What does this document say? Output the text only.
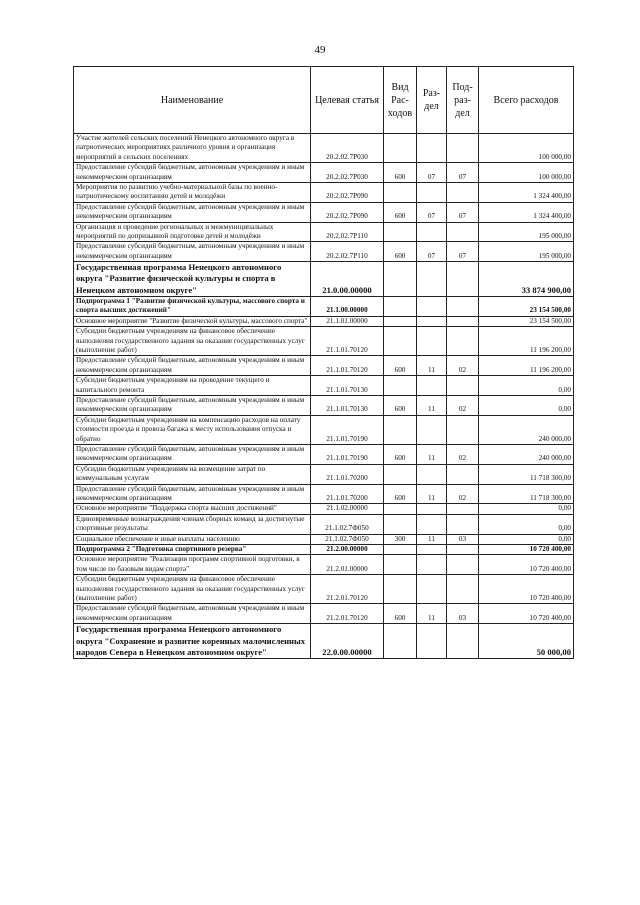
49
Наименование	Целевая статья	Вид Рас- ходов	Раз- дел	Под- раз- дел	Всего расходов
Участие жителей сельских поселений Ненецкого автономного округа в патриотических мероприятиях различного уровня и организация мероприятий в сельских поселениях	20.2.02.7Р030				100 000,00
Предоставление субсидий бюджетным, автономным учреждениям и иным некоммерческим организациям	20.2.02.7Р030	600	07	07	100 000,00
Мероприятия по развитию учебно-материальной базы по военно-патриотическому воспитанию детей и молодёжи	20.2.02.7Р090				1 324 400,00
Предоставление субсидий бюджетным, автономным учреждениям и иным некоммерческим организациям	20.2.02.7Р090	600	07	07	1 324 400,00
Организация и проведение региональных и межмуниципальных мероприятий по допризывной подготовке детей и молодёжи	20.2.02.7Р110				195 000,00
Предоставление субсидий бюджетным, автономным учреждениям и иным некоммерческим организациям	20.2.02.7Р110	600	07	07	195 000,00
Государственная программа Ненецкого автономного округа "Развитие физической культуры и спорта в Ненецком автономном округе"	21.0.00.00000				33 874 900,00
Подпрограмма 1 "Развитие физической культуры, массового спорта и спорта высших достижений"	21.1.00.00000				23 154 500,00
Основное мероприятие "Развитие физической культуры, массового спорта"	21.1.01.00000				23 154 500,00
Субсидии бюджетным учреждениям на финансовое обеспечение выполнения государственного задания на оказание государственных услуг (выполнение работ)	21.1.01.70120				11 196 200,00
Предоставление субсидий бюджетным, автономным учреждениям и иным некоммерческим организациям	21.1.01.70120	600	11	02	11 196 200,00
Субсидии бюджетным учреждениям на проведение текущего и капитального ремонта	21.1.01.70130				0,00
Предоставление субсидий бюджетным, автономным учреждениям и иным некоммерческим организациям	21.1.01.70130	600	11	02	0,00
Субсидии бюджетным учреждениям на компенсацию расходов на оплату стоимости проезда и провоза багажа к месту использования отпуска и обратно	21.1.01.70190				240 000,00
Предоставление субсидий бюджетным, автономным учреждениям и иным некоммерческим организациям	21.1.01.70190	600	11	02	240 000,00
Субсидии бюджетным учреждениям на возмещение затрат по коммунальным услугам	21.1.01.70200				11 718 300,00
Предоставление субсидий бюджетным, автономным учреждениям и иным некоммерческим организациям	21.1.01.70200	600	11	02	11 718 300,00
Основное мероприятие "Поддержка спорта высших достижений"	21.1.02.00000				0,00
Единовременные вознаграждения членам сборных команд за достигнутые спортивные результаты	21.1.02.7Ф050				0,00
Социальное обеспечение и иные выплаты населению	21.1.02.7Ф050	300	11	03	0,00
Подпрограмма 2 "Подготовка спортивного резерва"	21.2.00.00000				10 720 400,00
Основное мероприятие "Реализация программ спортивной подготовки, в том числе по базовым видам спорта"	21.2.01.00000				10 720 400,00
Субсидии бюджетным учреждениям на финансовое обеспечение выполнения государственного задания на оказание государственных услуг (выполнение работ)	21.2.01.70120				10 720 400,00
Предоставление субсидий бюджетным, автономным учреждениям и иным некоммерческим организациям	21.2.01.70120	600	11	03	10 720 400,00
Государственная программа Ненецкого автономного округа "Сохранение и развитие коренных малочисленных народов Севера в Ненецком автономном округе"	22.0.00.00000				50 000,00
